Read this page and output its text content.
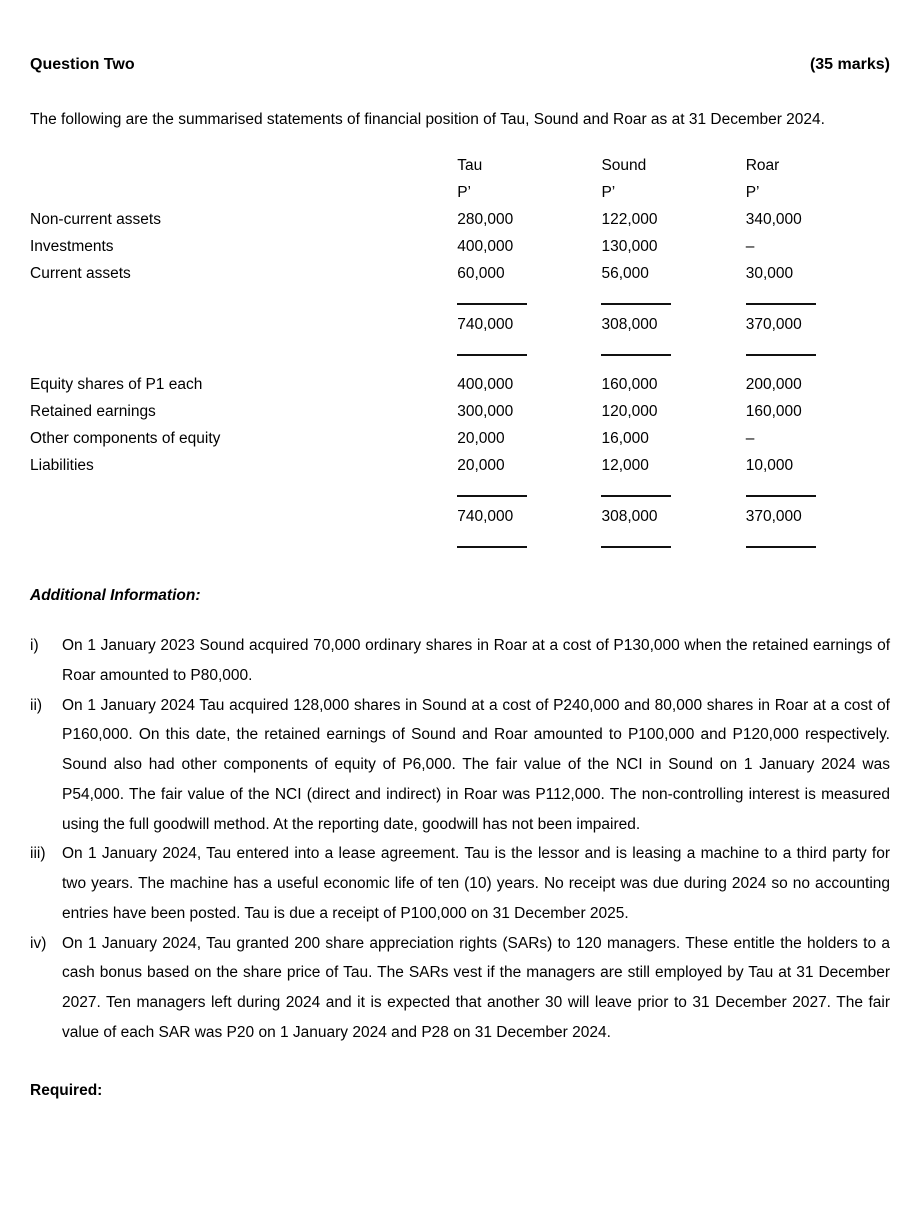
Question Two	(35 marks)

The following are the summarised statements of financial position of Tau, Sound and Roar as at 31 December 2024.

	Tau	Sound	Roar
	P’	P’	P’
Non-current assets	280,000	122,000	340,000
Investments	400,000	130,000	–
Current assets	60,000	56,000	30,000

	740,000	308,000	370,000

Equity shares of P1 each	400,000	160,000	200,000
Retained earnings	300,000	120,000	160,000
Other components of equity	20,000	16,000	–
Liabilities	20,000	12,000	10,000

	740,000	308,000	370,000

Additional Information:

i)	On 1 January 2023 Sound acquired 70,000 ordinary shares in Roar at a cost of P130,000 when the retained earnings of Roar amounted to P80,000.
ii)	On 1 January 2024 Tau acquired 128,000 shares in Sound at a cost of P240,000 and 80,000 shares in Roar at a cost of P160,000. On this date, the retained earnings of Sound and Roar amounted to P100,000 and P120,000 respectively. Sound also had other components of equity of P6,000. The fair value of the NCI in Sound on 1 January 2024 was P54,000. The fair value of the NCI (direct and indirect) in Roar was P112,000. The non-controlling interest is measured using the full goodwill method. At the reporting date, goodwill has not been impaired.
iii)	On 1 January 2024, Tau entered into a lease agreement. Tau is the lessor and is leasing a machine to a third party for two years. The machine has a useful economic life of ten (10) years. No receipt was due during 2024 so no accounting entries have been posted. Tau is due a receipt of P100,000 on 31 December 2025.
iv)	On 1 January 2024, Tau granted 200 share appreciation rights (SARs) to 120 managers. These entitle the holders to a cash bonus based on the share price of Tau. The SARs vest if the managers are still employed by Tau at 31 December 2027. Ten managers left during 2024 and it is expected that another 30 will leave prior to 31 December 2027. The fair value of each SAR was P20 on 1 January 2024 and P28 on 31 December 2024.

Required:
